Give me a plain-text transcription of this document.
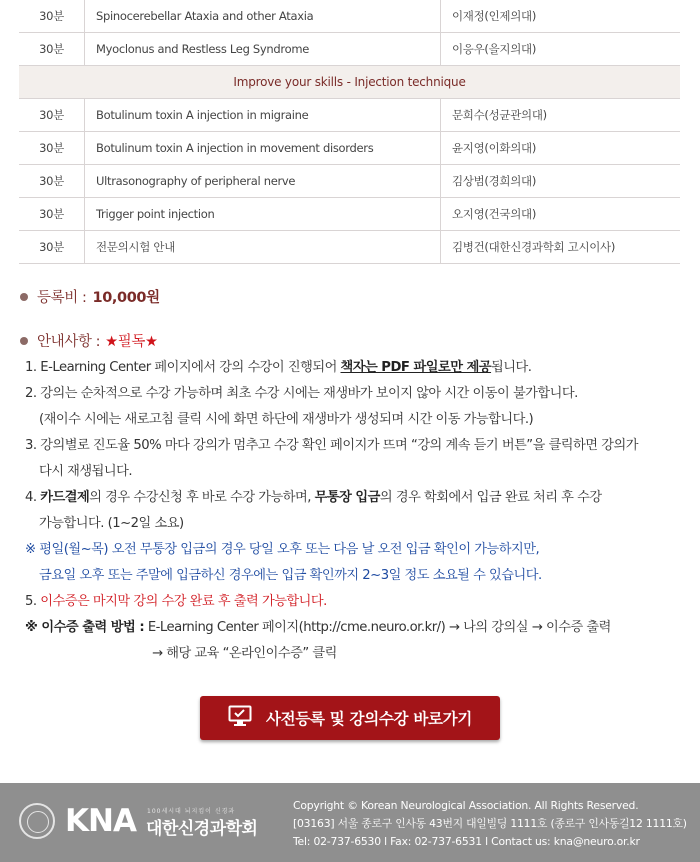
30분	Spinocerebellar Ataxia and other Ataxia	이재정(인제의대)
30분	Myoclonus and Restless Leg Syndrome	이응우(을지의대)
Improve your skills - Injection technique
30분	Botulinum toxin A injection in migraine	문희수(성균관의대)
30분	Botulinum toxin A injection in movement disorders	윤지영(이화의대)
30분	Ultrasonography of peripheral nerve	김상범(경희의대)
30분	Trigger point injection	오지영(건국의대)
30분	전문의시험 안내	김병건(대한신경과학회 고시이사)
등록비 : 10,000원
안내사항 : ★필독★

1. E-Learning Center 페이지에서 강의 수강이 진행되어 책자는 PDF 파일로만 제공됩니다.

2. 강의는 순차적으로 수강 가능하며 최초 수강 시에는 재생바가 보이지 않아 시간 이동이 불가합니다.

(재이수 시에는 새로고침 클릭 시에 화면 하단에 재생바가 생성되며 시간 이동 가능합니다.)

3. 강의별로 진도율 50% 마다 강의가 멈추고 수강 확인 페이지가 뜨며 “강의 계속 듣기 버튼”을 클릭하면 강의가

다시 재생됩니다.

4. 카드결제의 경우 수강신청 후 바로 수강 가능하며, 무통장 입금의 경우 학회에서 입금 완료 처리 후 수강

가능합니다. (1~2일 소요)

※ 평일(월~목) 오전 무통장 입금의 경우 당일 오후 또는 다음 날 오전 입금 확인이 가능하지만,

금요일 오후 또는 주말에 입금하신 경우에는 입금 확인까지 2~3일 정도 소요될 수 있습니다.

5. 이수증은 마지막 강의 수강 완료 후 출력 가능합니다.

※ 이수증 출력 방법 : E-Learning Center 페이지(http://cme.neuro.or.kr/) → 나의 강의실 → 이수증 출력

→ 해당 교육 “온라인이수증” 클릭

사전등록 및 강의수강 바로가기
KNA 100세시대 뇌지킴이 신경과
대한신경과학회
Copyright © Korean Neurological Association. All Rights Reserved.
[03163] 서울 종로구 인사동 43번지 대일빌딩 1111호 (종로구 인사동길12 1111호)
Tel: 02-737-6530 l Fax: 02-737-6531 l Contact us: kna@neuro.or.kr
